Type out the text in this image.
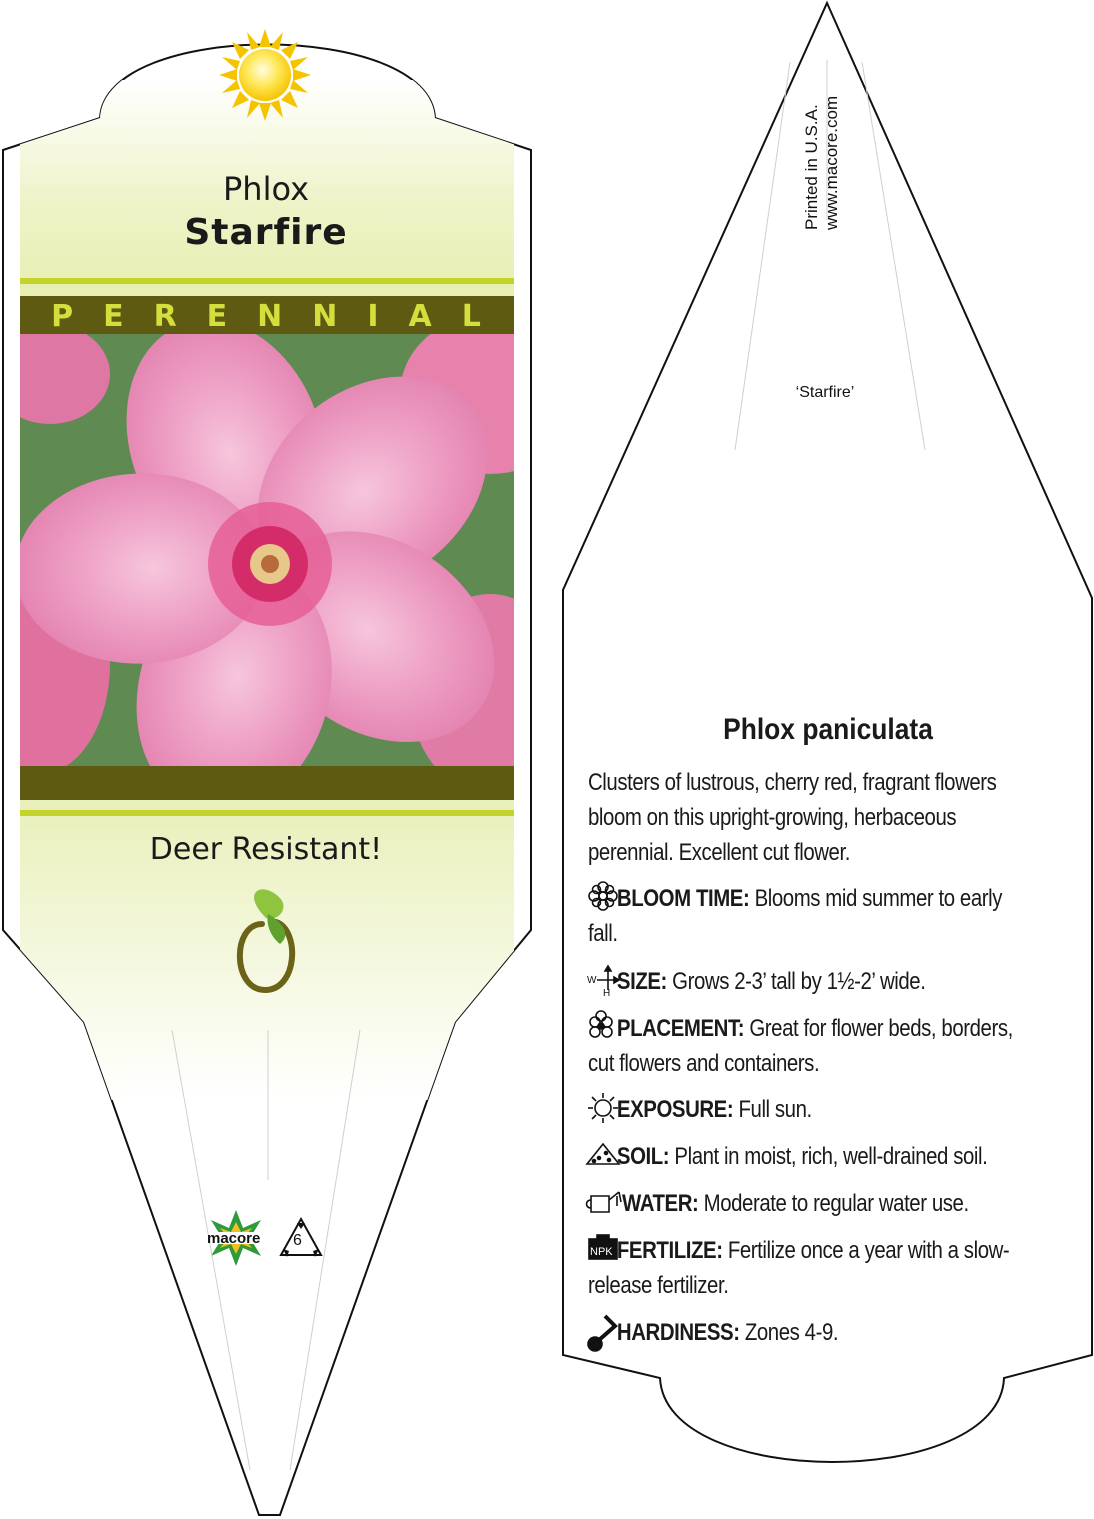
W
H
NPK
Phlox
Starfire
PERENNIAL
Deer Resistant!
macore 6
Printed in U.S.A. www.macore.com
‘Starfire’
Phlox paniculata
Clusters of lustrous, cherry red, fragrant flowers bloom on this upright-growing, herbaceous perennial. Excellent cut flower.
BLOOM TIME: Blooms mid summer to early fall.
SIZE: Grows 2-3’ tall by 1½-2’ wide.
PLACEMENT: Great for flower beds, borders, cut flowers and containers.
EXPOSURE: Full sun.
SOIL: Plant in moist, rich, well-drained soil.
WATER: Moderate to regular water use.
FERTILIZE: Fertilize once a year with a slow-release fertilizer.
HARDINESS: Zones 4-9.
